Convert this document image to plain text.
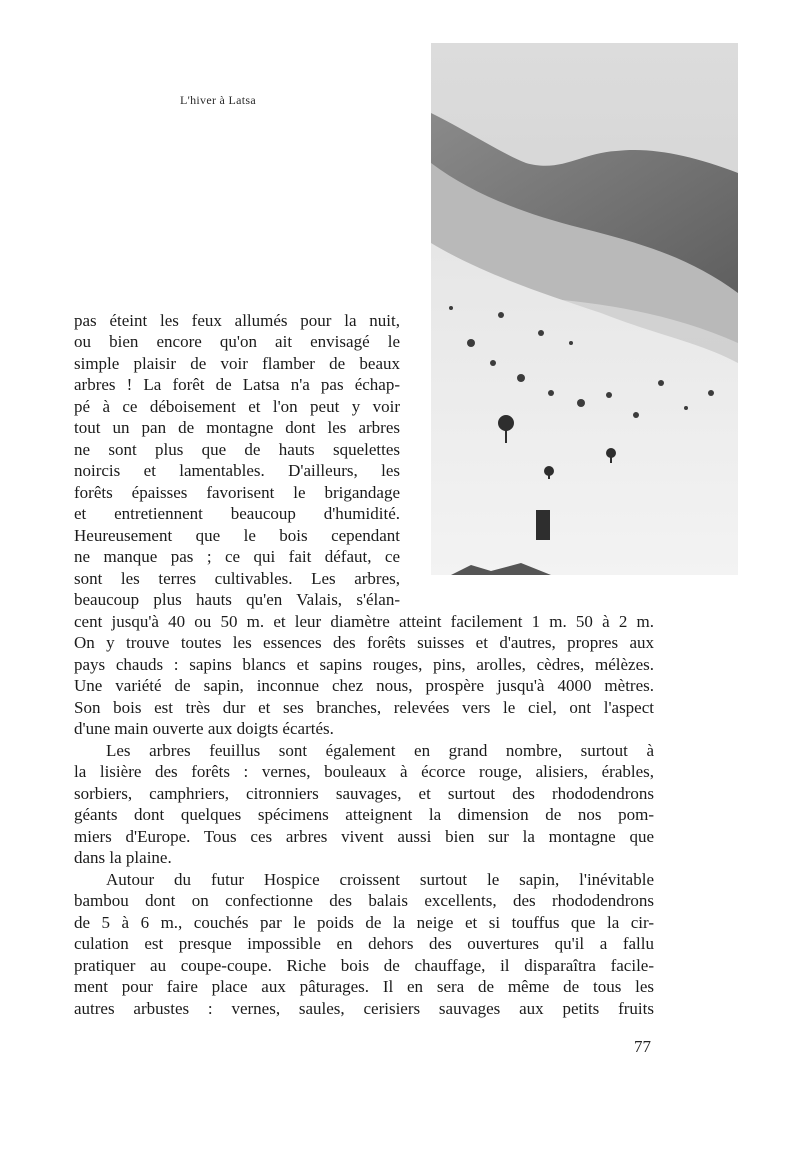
L'hiver à Latsa
pas éteint les feux allumés pour la nuit,
ou bien encore qu'on ait envisagé le
simple plaisir de voir flamber de beaux
arbres ! La forêt de Latsa n'a pas échap-
pé à ce déboisement et l'on peut y voir
tout un pan de montagne dont les arbres
ne sont plus que de hauts squelettes
noircis et lamentables. D'ailleurs, les
forêts épaisses favorisent le brigandage
et entretiennent beaucoup d'humidité.
Heureusement que le bois cependant
ne manque pas ; ce qui fait défaut, ce
sont les terres cultivables. Les arbres,
beaucoup plus hauts qu'en Valais, s'élan-
cent jusqu'à 40 ou 50 m. et leur diamètre atteint facilement 1 m. 50 à 2 m.
On y trouve toutes les essences des forêts suisses et d'autres, propres aux
pays chauds : sapins blancs et sapins rouges, pins, arolles, cèdres, mélèzes.
Une variété de sapin, inconnue chez nous, prospère jusqu'à 4000 mètres.
Son bois est très dur et ses branches, relevées vers le ciel, ont l'aspect
d'une main ouverte aux doigts écartés.
Les arbres feuillus sont également en grand nombre, surtout à
la lisière des forêts : vernes, bouleaux à écorce rouge, alisiers, érables,
sorbiers, camphriers, citronniers sauvages, et surtout des rhododendrons
géants dont quelques spécimens atteignent la dimension de nos pom-
miers d'Europe. Tous ces arbres vivent aussi bien sur la montagne que
dans la plaine.
Autour du futur Hospice croissent surtout le sapin, l'inévitable
bambou dont on confectionne des balais excellents, des rhododendrons
de 5 à 6 m., couchés par le poids de la neige et si touffus que la cir-
culation est presque impossible en dehors des ouvertures qu'il a fallu
pratiquer au coupe-coupe. Riche bois de chauffage, il disparaîtra facile-
ment pour faire place aux pâturages. Il en sera de même de tous les
autres arbustes : vernes, saules, cerisiers sauvages aux petits fruits
77
